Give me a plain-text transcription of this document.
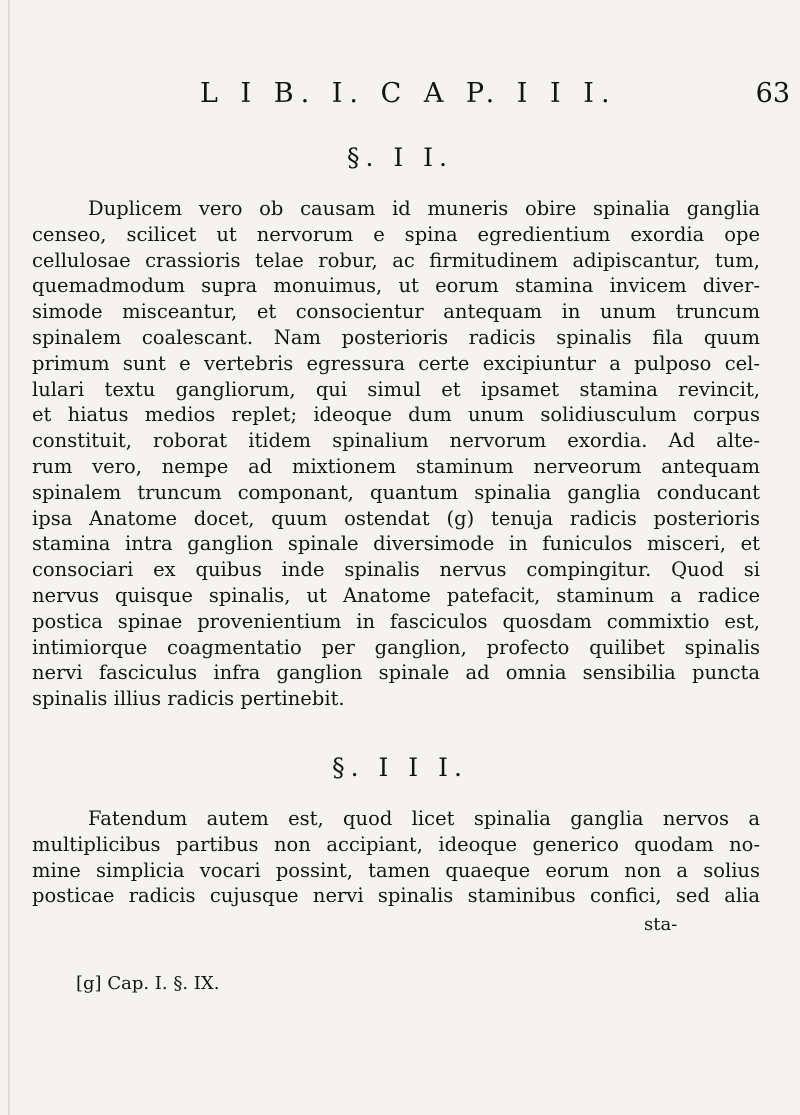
L I B. I. C A P. I I I.	63
§. I I.
Duplicem vero ob causam id muneris obire spinalia ganglia
censeo, scilicet ut nervorum e spina egredientium exordia ope
cellulosae crassioris telae robur, ac firmitudinem adipiscantur, tum,
quemadmodum supra monuimus, ut eorum stamina invicem diver-
simode misceantur, et consocientur antequam in unum truncum
spinalem coalescant. Nam posterioris radicis spinalis fila quum
primum sunt e vertebris egressura certe excipiuntur a pulposo cel-
lulari textu gangliorum, qui simul et ipsamet stamina revincit,
et hiatus medios replet; ideoque dum unum solidiusculum corpus
constituit, roborat itidem spinalium nervorum exordia. Ad alte-
rum vero, nempe ad mixtionem staminum nerveorum antequam
spinalem truncum componant, quantum spinalia ganglia conducant
ipsa Anatome docet, quum ostendat (g) tenuja radicis posterioris
stamina intra ganglion spinale diversimode in funiculos misceri, et
consociari ex quibus inde spinalis nervus compingitur. Quod si
nervus quisque spinalis, ut Anatome patefacit, staminum a radice
postica spinae provenientium in fasciculos quosdam commixtio est,
intimiorque coagmentatio per ganglion, profecto quilibet spinalis
nervi fasciculus infra ganglion spinale ad omnia sensibilia puncta
spinalis illius radicis pertinebit.
§. I I I.
Fatendum autem est, quod licet spinalia ganglia nervos a
multiplicibus partibus non accipiant, ideoque generico quodam no-
mine simplicia vocari possint, tamen quaeque eorum non a solius
posticae radicis cujusque nervi spinalis staminibus confici, sed alia
sta-
[g] Cap. I. §. IX.
